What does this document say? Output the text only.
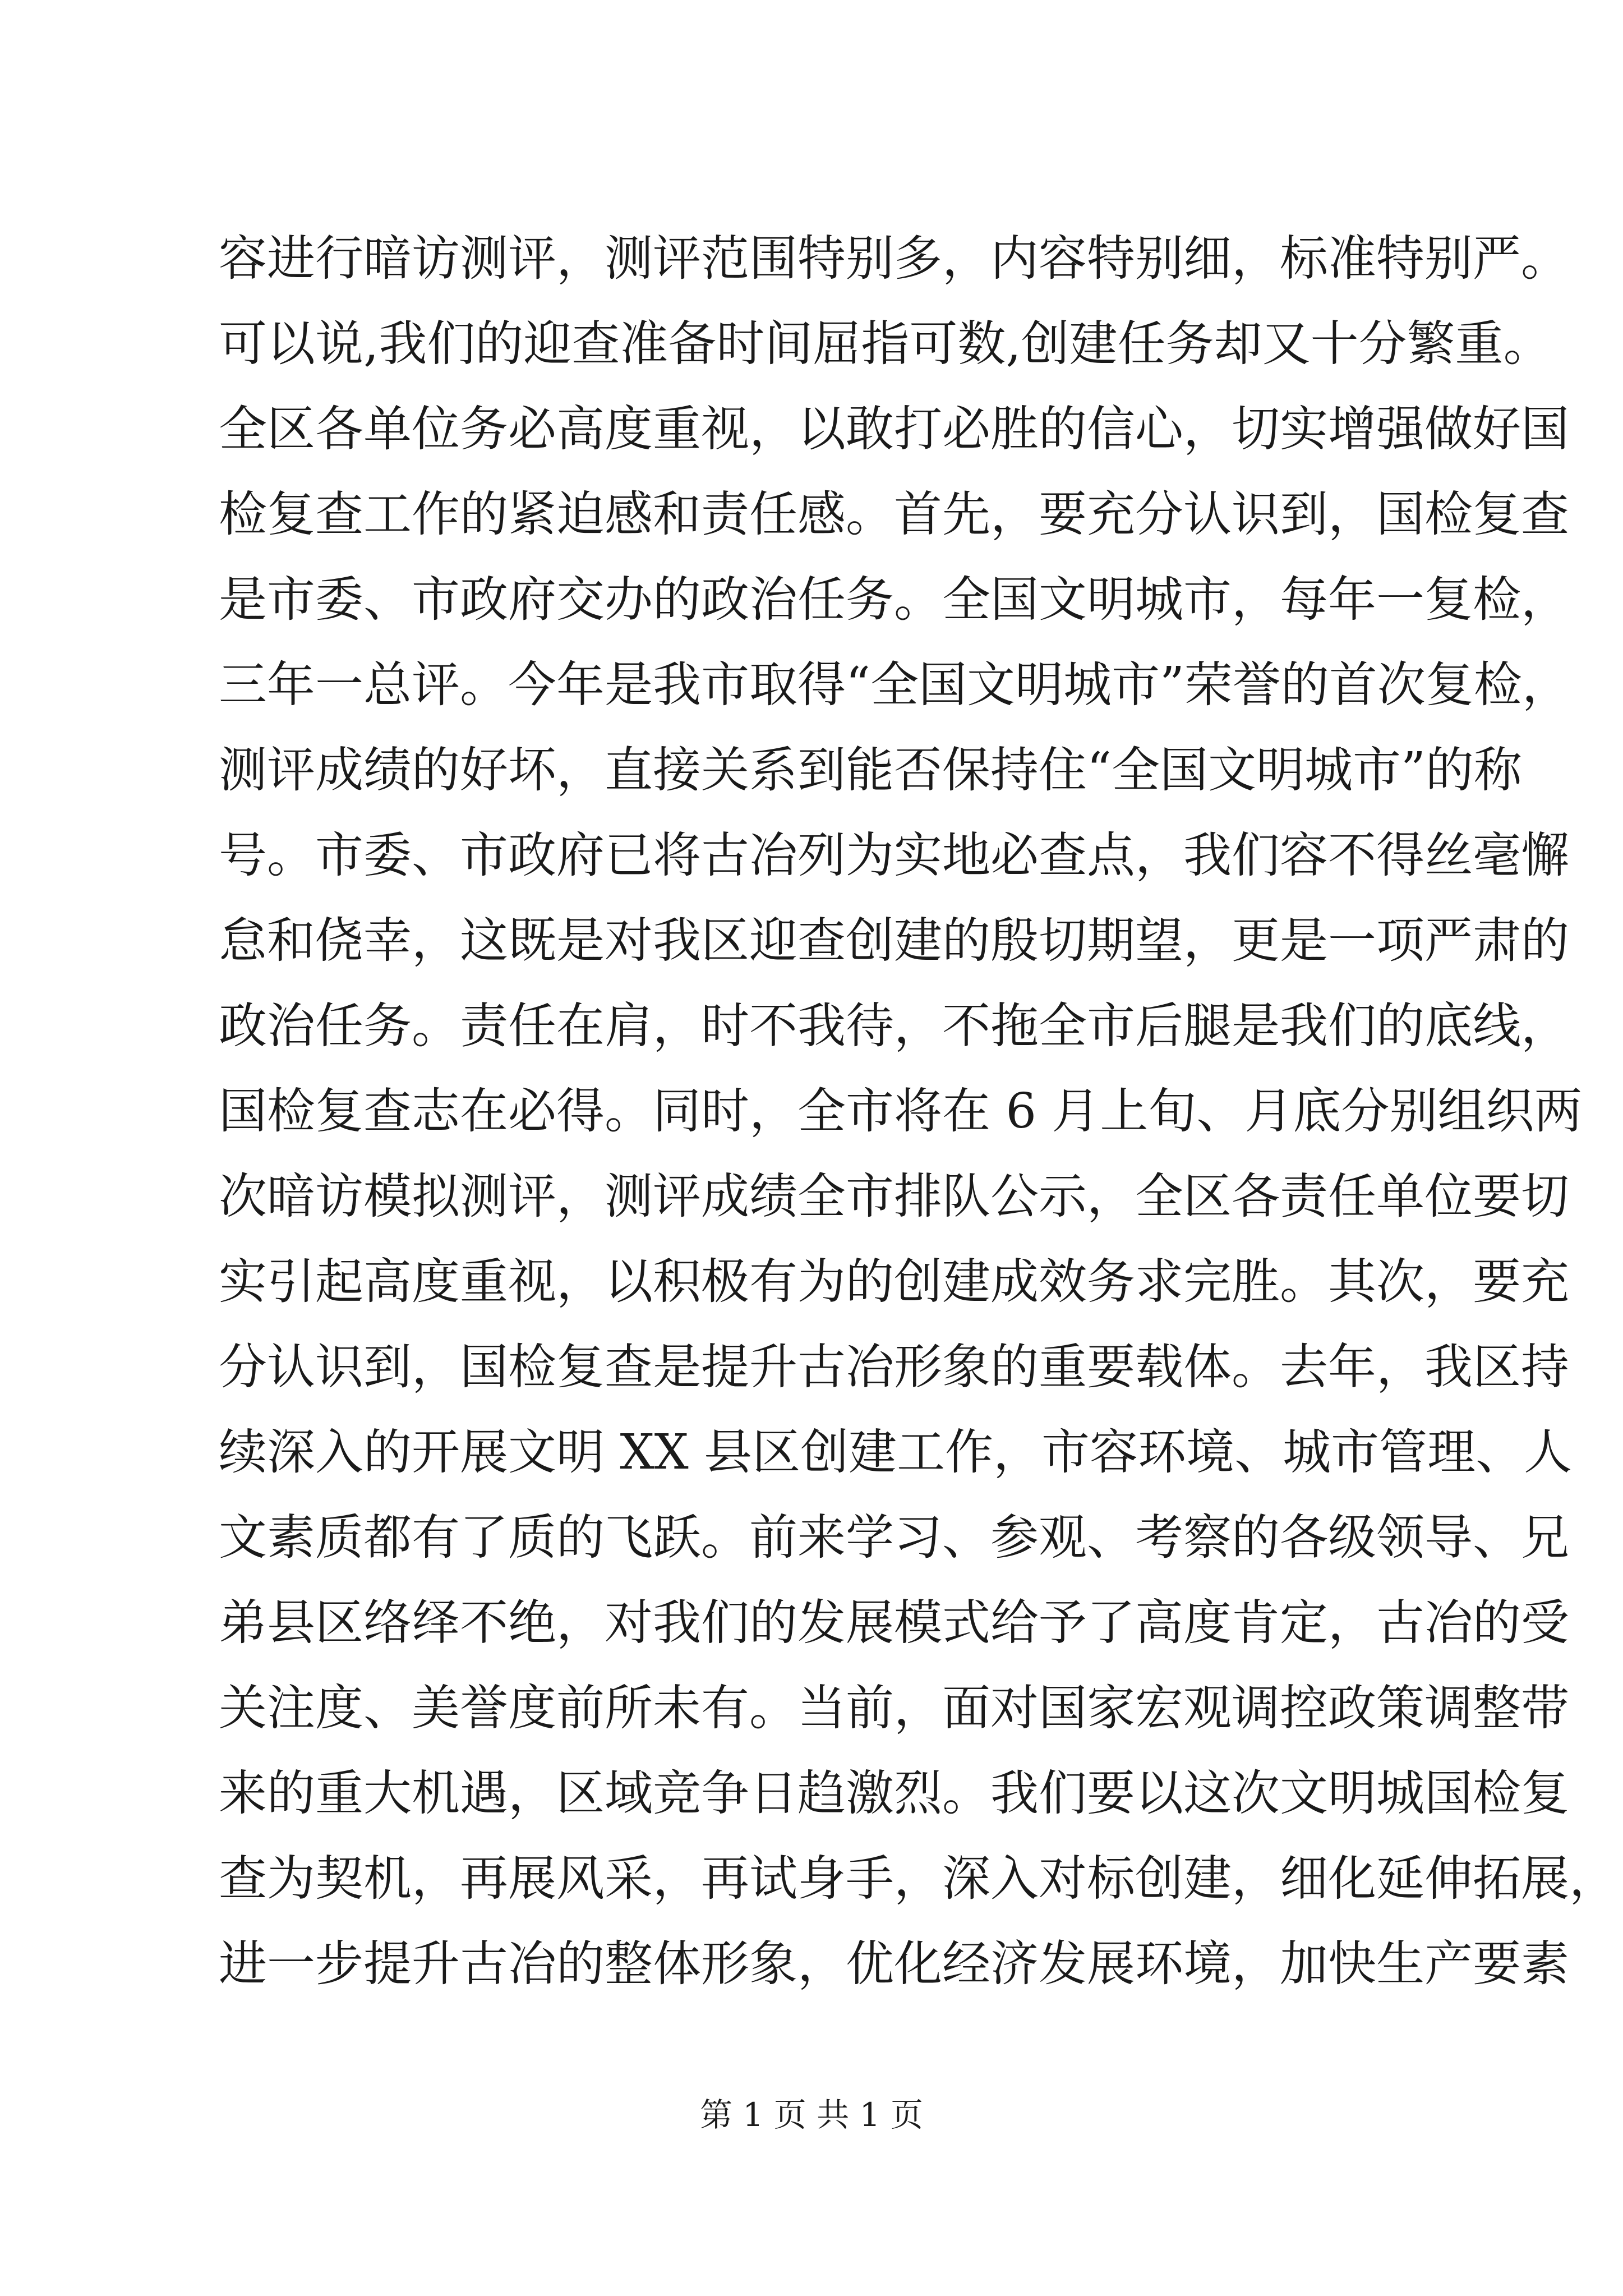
容进行暗访测评，测评范围特别多，内容特别细，标准特别严。
可以说,我们的迎查准备时间屈指可数,创建任务却又十分繁重。
全区各单位务必高度重视，以敢打必胜的信心，切实增强做好国
检复查工作的紧迫感和责任感。首先，要充分认识到，国检复查
是市委、市政府交办的政治任务。全国文明城市，每年一复检，
三年一总评。今年是我市取得“全国文明城市”荣誉的首次复检，
测评成绩的好坏，直接关系到能否保持住“全国文明城市”的称
号。市委、市政府已将古冶列为实地必查点，我们容不得丝毫懈
怠和侥幸，这既是对我区迎查创建的殷切期望，更是一项严肃的
政治任务。责任在肩，时不我待，不拖全市后腿是我们的底线，
国检复查志在必得。同时，全市将在 6 月上旬、月底分别组织两
次暗访模拟测评，测评成绩全市排队公示，全区各责任单位要切
实引起高度重视，以积极有为的创建成效务求完胜。其次，要充
分认识到，国检复查是提升古冶形象的重要载体。去年，我区持
续深入的开展文明 XX 县区创建工作，市容环境、城市管理、人
文素质都有了质的飞跃。前来学习、参观、考察的各级领导、兄
弟县区络绎不绝，对我们的发展模式给予了高度肯定，古冶的受
关注度、美誉度前所未有。当前，面对国家宏观调控政策调整带
来的重大机遇，区域竞争日趋激烈。我们要以这次文明城国检复
查为契机，再展风采，再试身手，深入对标创建，细化延伸拓展，
进一步提升古冶的整体形象，优化经济发展环境，加快生产要素
第 1 页 共 1 页
